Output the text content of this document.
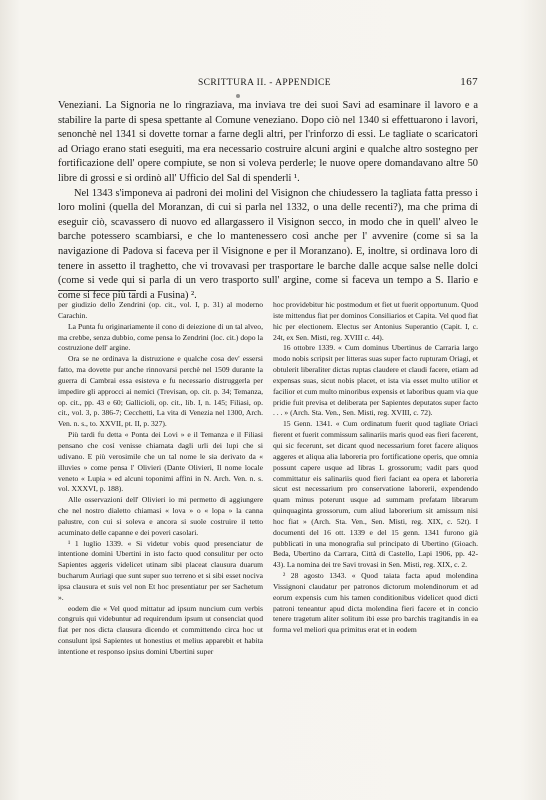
SCRITTURA II. - APPENDICE	167

Veneziani. La Signoria ne lo ringraziava, ma inviava tre dei suoi Savi ad esaminare il lavoro e a stabilire la parte di spesa spettante al Comune veneziano. Dopo ciò nel 1340 si effettuarono i lavori, senonchè nel 1341 si dovette tornar a farne degli altri, per l'rinforzo di essi. Le tagliate o scaricatori ad Oriago erano stati eseguiti, ma era necessario costruire alcuni argini e qualche altro sostegno per fortificazione dell' opere compiute, se non si voleva perderle; le nuove opere domandavano altre 50 libre di grossi e si ordinò all' Ufficio del Sal di spenderli ¹.

Nel 1343 s'imponeva ai padroni dei molini del Visignon che chiudessero la tagliata fatta presso i loro molini (quella del Moranzan, di cui si parla nel 1332, o una delle recenti?), ma che prima di eseguir ciò, scavassero di nuovo ed allargassero il Visignon secco, in modo che in quell' alveo le barche potessero scambiarsi, e che lo mantenessero così anche per l' avvenire (come si sa la navigazione di Padova si faceva per il Visignone e per il Moranzano). E, inoltre, si ordinava loro di tenere in assetto il traghetto, che vi trovavasi per trasportare le barche dalle acque salse nelle dolci (come si vede qui si parla di un vero trasporto sull' argine, come si faceva un tempo a S. Ilario e come si fece più tardi a Fusina) ².

per giudizio dello Zendrini (op. cit., vol. I, p. 31) al moderno Carachin.

La Punta fu originariamente il cono di deiezione di un tal alveo, ma crebbe, senza dubbio, come pensa lo Zendrini (loc. cit.) dopo la costruzione dell' argine.

Ora se ne ordinava la distruzione e qualche cosa dev' essersi fatto, ma dovette pur anche rinnovarsi perchè nel 1509 durante la guerra di Cambrai essa esisteva e fu necessario distruggerla per impedire gli approcci ai nemici (Trevisan, op. cit. p. 34; Temanza, op. cit., pp. 43 e 60; Gallicioli, op. cit., lib. I, n. 145; Filiasi, op. cit., vol. 3, p. 386-7; Cecchetti, La vita di Venezia nel 1300, Arch. Ven. n. s., to. XXVII, pt. II, p. 327).

Più tardi fu detta « Ponta dei Lovi » e il Temanza e il Filiasi pensano che così venisse chiamata dagli urli dei lupi che si udivano. E più verosimile che un tal nome le sia derivato da « illuvies » come pensa l' Olivieri (Dante Olivieri, Il nome locale veneto « Lupia » ed alcuni toponimi affini in N. Arch. Ven. n. s. vol. XXXVI, p. 188).

Alle osservazioni dell' Olivieri io mi permetto di aggiungere che nel nostro dialetto chiamasi « lova » o « lopa » la canna palustre, con cui si soleva e ancora si suole costruire il tetto acuminato delle capanne e dei poveri casolari.

¹ 1 luglio 1339. « Si videtur vobis quod presenciatur de intentione domini Ubertini in isto facto quod consulitur per octo Sapientes aggeris videlicet utinam sibi placeat clausura duarum bucharum Auriagi que sunt super suo terreno et si sibi esset nociva ipsa clausura et suis vel non Et hoc presentiatur per ser Sachetum ».

eodem die « Vel quod mittatur ad ipsum nuncium cum verbis congruis qui videbuntur ad requirendum ipsum ut consenciat quod fiat per nos dicta clausura dicendo et committendo circa hoc ut consulunt ipsi Sapientes ut honestius et melius apparebit et habita intentione et responso ipsius domini Ubertini super

hoc providebitur hic postmodum et fiet ut fuerit opportunum. Quod iste mittendus fiat per dominos Consiliarios et Capita. Vel quod fiat hic per electionem. Electus ser Antonius Superantio (Capit. I, c. 24t, ex Sen. Misti, reg. XVIII c. 44).

16 ottobre 1339. « Cum dominus Ubertinus de Carraria largo modo nobis scripsit per litteras suas super facto rupturam Oriagi, et obtulerit liberaliter dictas ruptas claudere et claudi facere, etiam ad expensas suas, sicut nobis placet, et ista via esset multo utilior et facilior et cum multo minoribus expensis et laboribus quam via que pridie fuit previsa et deliberata per Sapientes deputatos super facto . . . » (Arch. Sta. Ven., Sen. Misti, reg. XVIII, c. 72).

15 Genn. 1341. « Cum ordinatum fuerit quod tagliate Oriaci fierent et fuerit commissum salinariis maris quod eas fieri facerent, qui sic fecerunt, set dicant quod necessarium foret facere aliquos aggeres et aliqua alia laboreria pro fortificatione operis, que omnia possunt capere usque ad libras L grossorum; vadit pars quod committatur eis salinariis quod fieri faciant ea opera et laboreria sicut est necessarium pro conservatione laborerii, expendendo quam minus poterunt usque ad summam prefatam librarum quinquaginta grossorum, cum aliud laborerium sit amissum nisi hoc fiat » (Arch. Sta. Ven., Sen. Misti, reg. XIX, c. 52t). I documenti del 16 ott. 1339 e del 15 genn. 1341 furono già pubblicati in una monografia sul principato di Ubertino (Gioach. Beda, Ubertino da Carrara, Città di Castello, Lapi 1906, pp. 42-43). La nomina dei tre Savi trovasi in Sen. Misti, reg. XIX, c. 2.

² 28 agosto 1343. « Quod taiata facta apud molendina Vissignoni claudatur per patronos dictorum molendinorum et ad eorum expensis cum his tamen conditionibus videlicet quod dicti patroni teneantur apud dicta molendina fieri facere et in concio tenere tragetum aliter solitum ibi esse pro barchis tragitandis in ea forma vel meliori qua primitus erat et in eodem
